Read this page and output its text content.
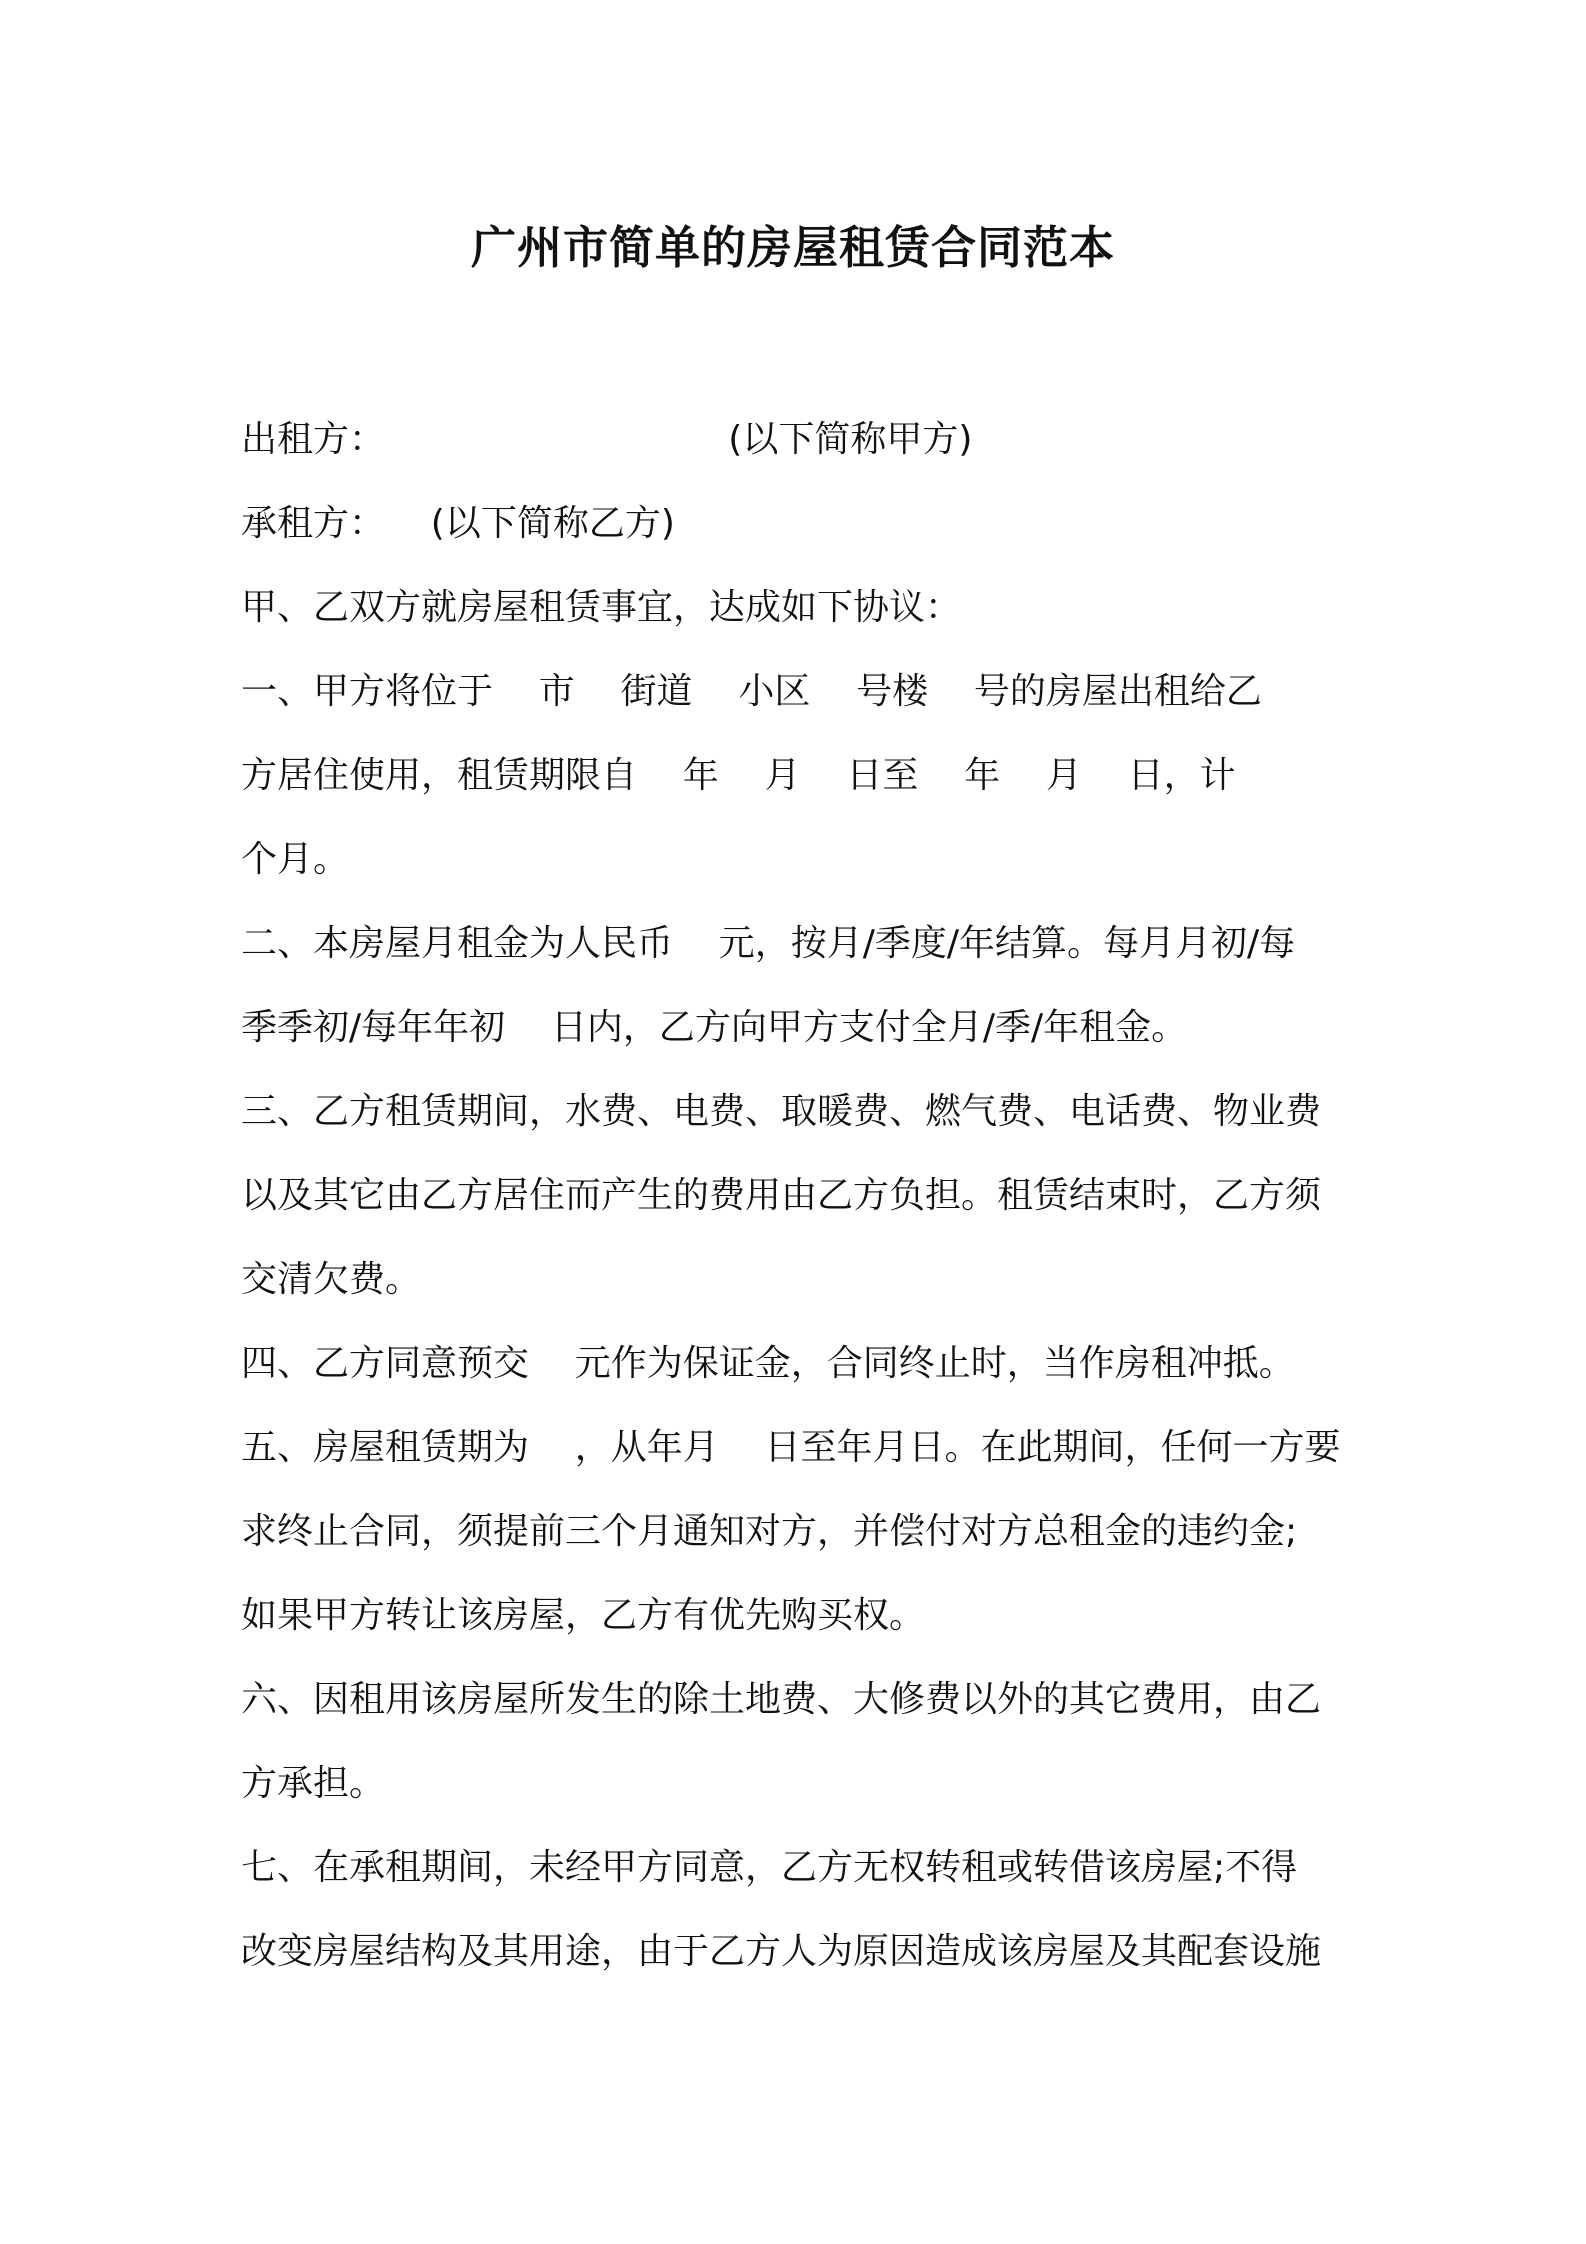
广州市简单的房屋租赁合同范本
出租方：                              (以下简称甲方)
承租方：    (以下简称乙方)
甲、乙双方就房屋租赁事宜，达成如下协议：
一、甲方将位于    市    街道    小区    号楼    号的房屋出租给乙
方居住使用，租赁期限自    年    月    日至    年    月    日，计
个月。
二、本房屋月租金为人民币    元，按月/季度/年结算。每月月初/每
季季初/每年年初    日内，乙方向甲方支付全月/季/年租金。
三、乙方租赁期间，水费、电费、取暖费、燃气费、电话费、物业费
以及其它由乙方居住而产生的费用由乙方负担。租赁结束时，乙方须
交清欠费。
四、乙方同意预交    元作为保证金，合同终止时，当作房租冲抵。
五、房屋租赁期为    ，从年月    日至年月日。在此期间，任何一方要
求终止合同，须提前三个月通知对方，并偿付对方总租金的违约金;
如果甲方转让该房屋，乙方有优先购买权。
六、因租用该房屋所发生的除土地费、大修费以外的其它费用，由乙
方承担。
七、在承租期间，未经甲方同意，乙方无权转租或转借该房屋;不得
改变房屋结构及其用途，由于乙方人为原因造成该房屋及其配套设施
